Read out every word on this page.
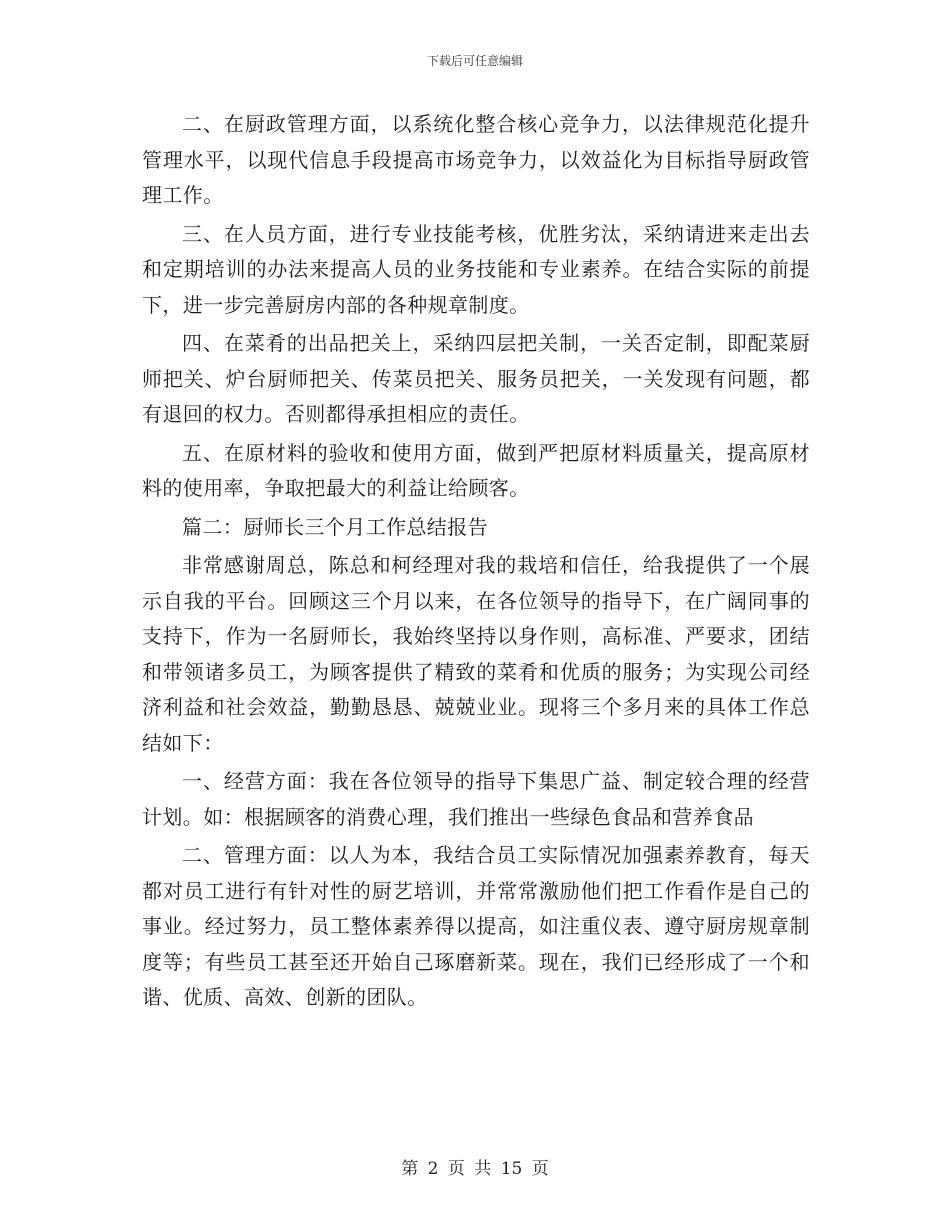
下载后可任意编辑

二、在厨政管理方面，以系统化整合核心竞争力，以法律规范化提升管理水平，以现代信息手段提高市场竞争力，以效益化为目标指导厨政管理工作。

三、在人员方面，进行专业技能考核，优胜劣汰，采纳请进来走出去和定期培训的办法来提高人员的业务技能和专业素养。在结合实际的前提下，进一步完善厨房内部的各种规章制度。

四、在菜肴的出品把关上，采纳四层把关制，一关否定制，即配菜厨师把关、炉台厨师把关、传菜员把关、服务员把关，一关发现有问题，都有退回的权力。否则都得承担相应的责任。

五、在原材料的验收和使用方面，做到严把原材料质量关，提高原材料的使用率，争取把最大的利益让给顾客。

篇二：厨师长三个月工作总结报告

非常感谢周总，陈总和柯经理对我的栽培和信任，给我提供了一个展示自我的平台。回顾这三个月以来，在各位领导的指导下，在广阔同事的支持下，作为一名厨师长，我始终坚持以身作则，高标准、严要求，团结和带领诸多员工，为顾客提供了精致的菜肴和优质的服务；为实现公司经济利益和社会效益，勤勤恳恳、兢兢业业。现将三个多月来的具体工作总结如下：

一、经营方面：我在各位领导的指导下集思广益、制定较合理的经营计划。如：根据顾客的消费心理，我们推出一些绿色食品和营养食品

二、管理方面：以人为本，我结合员工实际情况加强素养教育，每天都对员工进行有针对性的厨艺培训，并常常激励他们把工作看作是自己的事业。经过努力，员工整体素养得以提高，如注重仪表、遵守厨房规章制度等；有些员工甚至还开始自己琢磨新菜。现在，我们已经形成了一个和谐、优质、高效、创新的团队。

第 2 页 共 15 页
